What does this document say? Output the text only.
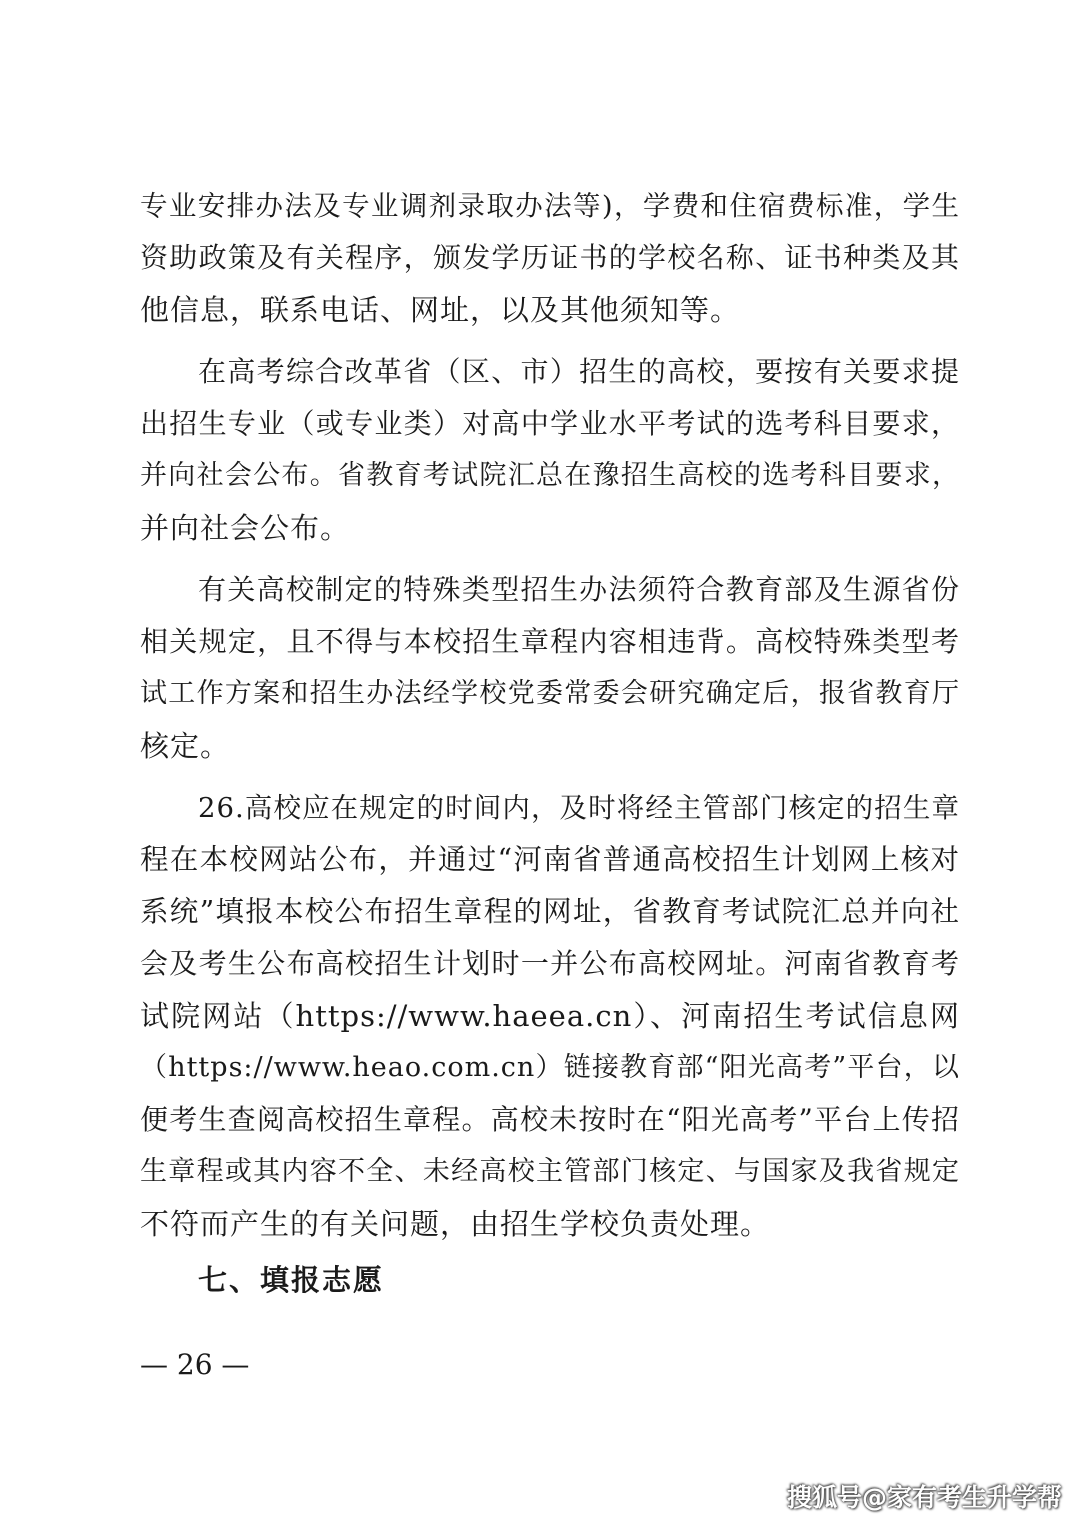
专业安排办法及专业调剂录取办法等)，学费和住宿费标准，学生
资助政策及有关程序，颁发学历证书的学校名称、证书种类及其
他信息，联系电话、网址，以及其他须知等。
在高考综合改革省（区、市）招生的高校，要按有关要求提
出招生专业（或专业类）对高中学业水平考试的选考科目要求，
并向社会公布。省教育考试院汇总在豫招生高校的选考科目要求，
并向社会公布。
有关高校制定的特殊类型招生办法须符合教育部及生源省份
相关规定，且不得与本校招生章程内容相违背。高校特殊类型考
试工作方案和招生办法经学校党委常委会研究确定后，报省教育厅
核定。
26.高校应在规定的时间内，及时将经主管部门核定的招生章
程在本校网站公布，并通过“河南省普通高校招生计划网上核对
系统”填报本校公布招生章程的网址，省教育考试院汇总并向社
会及考生公布高校招生计划时一并公布高校网址。河南省教育考
试院网站（https://www.haeea.cn）、河南招生考试信息网
（https://www.heao.com.cn）链接教育部“阳光高考”平台，以
便考生查阅高校招生章程。高校未按时在“阳光高考”平台上传招
生章程或其内容不全、未经高校主管部门核定、与国家及我省规定
不符而产生的有关问题，由招生学校负责处理。
七、填报志愿
— 26 —
搜狐号@家有考生升学帮
